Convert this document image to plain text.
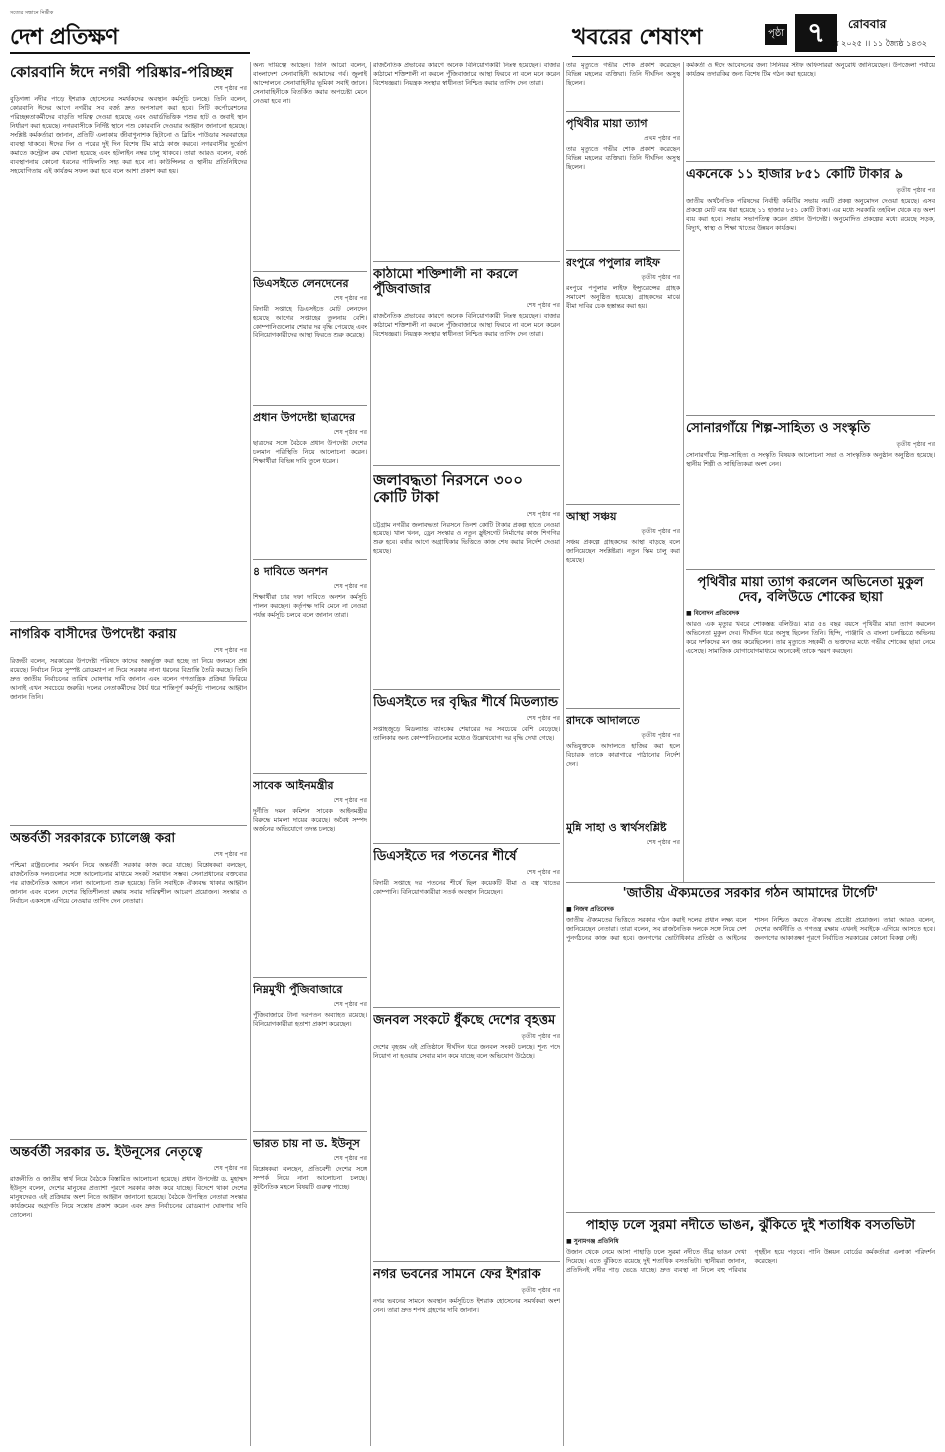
সত্যের সন্ধানে নির্ভীক
দেশ প্রতিক্ষণ	খবরের শেষাংশ	পৃষ্ঠা ৭	রোববার
২৫ মে ২০২৫ ।। ১১ জ্যৈষ্ঠ ১৪৩২
কোরবানি ঈদে নগরী পরিষ্কার-পরিচ্ছন্ন
শেষ পৃষ্ঠার পর
বুড়িগঙ্গা নদীর পাড়ে ইশরাক হোসেনের সমর্থকদের অবস্থান কর্মসূচি চলছে। তিনি বলেন, কোরবানি ঈদের আগে নগরীর সব বর্জ্য দ্রুত অপসারণ করা হবে। সিটি কর্পোরেশনের পরিচ্ছন্নতাকর্মীদের বাড়তি দায়িত্ব দেওয়া হয়েছে এবং ওয়ার্ডভিত্তিক পশুর হাট ও জবাই স্থান নির্ধারণ করা হয়েছে। নগরবাসীকে নির্দিষ্ট স্থানে পশু কোরবানি দেওয়ার আহ্বান জানানো হয়েছে। সংশ্লিষ্ট কর্মকর্তারা জানান, প্রতিটি এলাকায় জীবাণুনাশক ছিটানো ও ব্লিচিং পাউডার সরবরাহের ব্যবস্থা থাকবে। ঈদের দিন ও পরের দুই দিন বিশেষ টিম মাঠে কাজ করবে। নগরবাসীর দুর্ভোগ কমাতে কন্ট্রোল রুম খোলা হয়েছে এবং হটলাইন নম্বর চালু থাকবে। তারা আরও বলেন, বর্জ্য ব্যবস্থাপনায় কোনো ধরনের গাফিলতি সহ্য করা হবে না। কাউন্সিলর ও স্থানীয় প্রতিনিধিদের সহযোগিতায় এই কার্যক্রম সফল করা হবে বলে আশা প্রকাশ করা হয়।
নাগরিক বাসীদের উপদেষ্টা করায়
শেষ পৃষ্ঠার পর
রিজভী বলেন, সরকারের উপদেষ্টা পরিষদে কাদের অন্তর্ভুক্ত করা হচ্ছে তা নিয়ে জনমনে প্রশ্ন রয়েছে। নির্বাচন নিয়ে সুস্পষ্ট রোডম্যাপ না দিয়ে সরকার নানা ধরনের বিভ্রান্তি তৈরি করছে। তিনি দ্রুত জাতীয় নির্বাচনের তারিখ ঘোষণার দাবি জানান এবং বলেন গণতান্ত্রিক প্রক্রিয়া ফিরিয়ে আনাই এখন সবচেয়ে জরুরি। দলের নেতাকর্মীদের ধৈর্য ধরে শান্তিপূর্ণ কর্মসূচি পালনের আহ্বান জানান তিনি।
অন্তর্বর্তী সরকারকে চ্যালেঞ্জ করা
শেষ পৃষ্ঠার পর
পশ্চিমা রাষ্ট্রগুলোর সমর্থন নিয়ে অন্তর্বর্তী সরকার কাজ করে যাচ্ছে। বিশ্লেষকরা বলছেন, রাজনৈতিক দলগুলোর সঙ্গে আলোচনার মাধ্যমে সংকট সমাধান সম্ভব। সেনাপ্রধানের বক্তব্যের পর রাজনৈতিক অঙ্গনে নানা আলোচনা শুরু হয়েছে। তিনি সবাইকে ঐক্যবদ্ধ থাকার আহ্বান জানান এবং বলেন দেশের স্থিতিশীলতা রক্ষায় সবার দায়িত্বশীল আচরণ প্রয়োজন। সংস্কার ও নির্বাচন একসঙ্গে এগিয়ে নেওয়ার তাগিদ দেন নেতারা।
অন্তর্বর্তী সরকার ড. ইউনূসের নেতৃত্বে
শেষ পৃষ্ঠার পর
রাজনীতি ও জাতীয় স্বার্থ নিয়ে বৈঠকে বিস্তারিত আলোচনা হয়েছে। প্রধান উপদেষ্টা ড. মুহাম্মদ ইউনূস বলেন, দেশের মানুষের প্রত্যাশা পূরণে সরকার কাজ করে যাচ্ছে। বিদেশে থাকা দেশের মানুষদেরও এই প্রক্রিয়ায় অংশ নিতে আহ্বান জানানো হয়েছে। বৈঠকে উপস্থিত নেতারা সংস্কার কার্যক্রমের অগ্রগতি নিয়ে সন্তোষ প্রকাশ করেন এবং দ্রুত নির্বাচনের রোডম্যাপ ঘোষণার দাবি তোলেন।
অন্য দায়িত্বে আছেন। তিনি আরো বলেন, বাংলাদেশ সেনাবাহিনী আমাদের গর্ব। জুলাই আন্দোলনে সেনাবাহিনীর ভূমিকা সবাই জানে। সেনাবাহিনীকে বিতর্কিত করার অপচেষ্টা মেনে নেওয়া হবে না।
ডিএসইতে লেনদেনের
শেষ পৃষ্ঠার পর
বিদায়ী সপ্তাহে ডিএসইতে মোট লেনদেন হয়েছে আগের সপ্তাহের তুলনায় বেশি। কোম্পানিগুলোর শেয়ার দর বৃদ্ধি পেয়েছে এবং বিনিয়োগকারীদের আস্থা ফিরতে শুরু করেছে।
প্রধান উপদেষ্টা ছাত্রদের
শেষ পৃষ্ঠার পর
ছাত্রদের সঙ্গে বৈঠকে প্রধান উপদেষ্টা দেশের চলমান পরিস্থিতি নিয়ে আলোচনা করেন। শিক্ষার্থীরা বিভিন্ন দাবি তুলে ধরেন।
৪ দাবিতে অনশন
শেষ পৃষ্ঠার পর
শিক্ষার্থীরা চার দফা দাবিতে অনশন কর্মসূচি পালন করছেন। কর্তৃপক্ষ দাবি মেনে না নেওয়া পর্যন্ত কর্মসূচি চলবে বলে জানান তারা।
সাবেক আইনমন্ত্রীর
শেষ পৃষ্ঠার পর
দুর্নীতি দমন কমিশন সাবেক আইনমন্ত্রীর বিরুদ্ধে মামলা দায়ের করেছে। অবৈধ সম্পদ অর্জনের অভিযোগে তদন্ত চলছে।
নিম্নমুখী পুঁজিবাজারে
শেষ পৃষ্ঠার পর
পুঁজিবাজারে টানা দরপতন অব্যাহত রয়েছে। বিনিয়োগকারীরা হতাশা প্রকাশ করেছেন।
ভারত চায় না ড. ইউনূস
শেষ পৃষ্ঠার পর
বিশ্লেষকরা বলছেন, প্রতিবেশী দেশের সঙ্গে সম্পর্ক নিয়ে নানা আলোচনা চলছে। কূটনৈতিক মহলে বিষয়টি গুরুত্ব পাচ্ছে।
রাজনৈতিক প্রভাবের কারণে অনেক বিনিয়োগকারী নিঃস্ব হয়েছেন। বাজার কাঠামো শক্তিশালী না করলে পুঁজিবাজারে আস্থা ফিরবে না বলে মনে করেন বিশেষজ্ঞরা। নিয়ন্ত্রক সংস্থার স্বাধীনতা নিশ্চিত করার তাগিদ দেন তারা।
কাঠামো শক্তিশালী না করলে পুঁজিবাজার
শেষ পৃষ্ঠার পর
রাজনৈতিক প্রভাবের কারণে অনেক বিনিয়োগকারী নিঃস্ব হয়েছেন। বাজার কাঠামো শক্তিশালী না করলে পুঁজিবাজারে আস্থা ফিরবে না বলে মনে করেন বিশেষজ্ঞরা। নিয়ন্ত্রক সংস্থার স্বাধীনতা নিশ্চিত করার তাগিদ দেন তারা।
জলাবদ্ধতা নিরসনে ৩০০ কোটি টাকা
শেষ পৃষ্ঠার পর
চট্টগ্রাম নগরীর জলাবদ্ধতা নিরসনে তিনশ কোটি টাকার প্রকল্প হাতে নেওয়া হয়েছে। খাল খনন, ড্রেন সংস্কার ও নতুন স্লুইসগেট নির্মাণের কাজ শিগগির শুরু হবে। বর্ষার আগে অগ্রাধিকার ভিত্তিতে কাজ শেষ করার নির্দেশ দেওয়া হয়েছে।
ডিএসইতে দর বৃদ্ধির শীর্ষে মিডল্যান্ড
শেষ পৃষ্ঠার পর
সপ্তাহজুড়ে মিডল্যান্ড ব্যাংকের শেয়ারের দর সবচেয়ে বেশি বেড়েছে। তালিকার অন্য কোম্পানিগুলোর মধ্যেও উল্লেখযোগ্য দর বৃদ্ধি দেখা গেছে।
ডিএসইতে দর পতনের শীর্ষে
শেষ পৃষ্ঠার পর
বিদায়ী সপ্তাহে দর পতনের শীর্ষে ছিল কয়েকটি বীমা ও বস্ত্র খাতের কোম্পানি। বিনিয়োগকারীরা সতর্ক অবস্থান নিয়েছেন।
জনবল সংকটে ধুঁকছে দেশের বৃহত্তম
তৃতীয় পৃষ্ঠার পর
দেশের বৃহত্তম এই প্রতিষ্ঠানে দীর্ঘদিন ধরে জনবল সংকট চলছে। শূন্য পদে নিয়োগ না হওয়ায় সেবার মান কমে যাচ্ছে বলে অভিযোগ উঠেছে।
নগর ভবনের সামনে ফের ইশরাক
তৃতীয় পৃষ্ঠার পর
নগর ভবনের সামনে অবস্থান কর্মসূচিতে ইশরাক হোসেনের সমর্থকরা অংশ নেন। তারা দ্রুত শপথ গ্রহণের দাবি জানান।
তার মৃত্যুতে গভীর শোক প্রকাশ করেছেন বিভিন্ন মহলের ব্যক্তিরা। তিনি দীর্ঘদিন অসুস্থ ছিলেন।
পৃথিবীর মায়া ত্যাগ
প্রথম পৃষ্ঠার পর
তার মৃত্যুতে গভীর শোক প্রকাশ করেছেন বিভিন্ন মহলের ব্যক্তিরা। তিনি দীর্ঘদিন অসুস্থ ছিলেন।
রংপুরে পপুলার লাইফ
তৃতীয় পৃষ্ঠার পর
রংপুরে পপুলার লাইফ ইন্স্যুরেন্সের গ্রাহক সমাবেশ অনুষ্ঠিত হয়েছে। গ্রাহকদের মাঝে বীমা দাবির চেক হস্তান্তর করা হয়।
আস্থা সঞ্চয়
তৃতীয় পৃষ্ঠার পর
সঞ্চয় প্রকল্পে গ্রাহকদের আস্থা বাড়ছে বলে জানিয়েছেন সংশ্লিষ্টরা। নতুন স্কিম চালু করা হয়েছে।
রাদকে আদালতে
তৃতীয় পৃষ্ঠার পর
অভিযুক্তকে আদালতে হাজির করা হলে বিচারক তাকে কারাগারে পাঠানোর নির্দেশ দেন।
কর্মকর্তা ও ঈদে আবেদনের জন্য সিনিয়র স্টাফ অফিসাররা অনুরোধ জানিয়েছেন। উপজেলা পর্যায়ে কার্যক্রম তদারকির জন্য বিশেষ টিম গঠন করা হয়েছে।
একনেকে ১১ হাজার ৮৫১ কোটি টাকার ৯
তৃতীয় পৃষ্ঠার পর
জাতীয় অর্থনৈতিক পরিষদের নির্বাহী কমিটির সভায় নয়টি প্রকল্প অনুমোদন দেওয়া হয়েছে। এসব প্রকল্পে মোট ব্যয় ধরা হয়েছে ১১ হাজার ৮৫১ কোটি টাকা। এর মধ্যে সরকারি তহবিল থেকে বড় অংশ ব্যয় করা হবে। সভায় সভাপতিত্ব করেন প্রধান উপদেষ্টা। অনুমোদিত প্রকল্পের মধ্যে রয়েছে সড়ক, বিদ্যুৎ, স্বাস্থ্য ও শিক্ষা খাতের উন্নয়ন কার্যক্রম।
সোনারগাঁয়ে শিল্প-সাহিত্য ও সংস্কৃতি
তৃতীয় পৃষ্ঠার পর
সোনারগাঁয়ে শিল্প-সাহিত্য ও সংস্কৃতি বিষয়ক আলোচনা সভা ও সাংস্কৃতিক অনুষ্ঠান অনুষ্ঠিত হয়েছে। স্থানীয় শিল্পী ও সাহিত্যিকরা অংশ নেন।
পৃথিবীর মায়া ত্যাগ করলেন অভিনেতা মুকুল দেব, বলিউডে শোকের ছায়া
■ বিনোদন প্রতিবেদক
আরও এক মৃত্যুর খবরে শোকস্তব্ধ বলিউড। মাত্র ৫৪ বছর বয়সে পৃথিবীর মায়া ত্যাগ করলেন অভিনেতা মুকুল দেব। দীর্ঘদিন ধরে অসুস্থ ছিলেন তিনি। হিন্দি, পাঞ্জাবি ও বাংলা চলচ্চিত্রে অভিনয় করে দর্শকদের মন জয় করেছিলেন। তার মৃত্যুতে সহকর্মী ও ভক্তদের মধ্যে গভীর শোকের ছায়া নেমে এসেছে। সামাজিক যোগাযোগমাধ্যমে অনেকেই তাকে স্মরণ করছেন।
'জাতীয় ঐক্যমতের সরকার গঠন আমাদের টার্গেট'
■ নিজস্ব প্রতিবেদক
জাতীয় ঐক্যমতের ভিত্তিতে সরকার গঠন করাই দলের প্রধান লক্ষ্য বলে জানিয়েছেন নেতারা। তারা বলেন, সব রাজনৈতিক দলকে সঙ্গে নিয়ে দেশ পুনর্গঠনের কাজ করা হবে। জনগণের ভোটাধিকার প্রতিষ্ঠা ও আইনের শাসন নিশ্চিত করতে ঐক্যবদ্ধ প্রচেষ্টা প্রয়োজন। তারা আরও বলেন, দেশের অর্থনীতি ও গণতন্ত্র রক্ষায় এখনই সবাইকে এগিয়ে আসতে হবে। জনগণের আকাঙ্ক্ষা পূরণে নির্বাচিত সরকারের কোনো বিকল্প নেই।
পাহাড় ঢলে সুরমা নদীতে ভাঙন, ঝুঁকিতে দুই শতাধিক বসতভিটা
■ সুনামগঞ্জ প্রতিনিধি
উজান থেকে নেমে আসা পাহাড়ি ঢলে সুরমা নদীতে তীব্র ভাঙন দেখা দিয়েছে। এতে ঝুঁকিতে রয়েছে দুই শতাধিক বসতভিটা। স্থানীয়রা জানান, প্রতিদিনই নদীর পাড় ভেঙে যাচ্ছে। দ্রুত ব্যবস্থা না নিলে বহু পরিবার গৃহহীন হয়ে পড়বে। পানি উন্নয়ন বোর্ডের কর্মকর্তারা এলাকা পরিদর্শন করেছেন।
মুন্নি সাহা ও স্বার্থসংশ্লিষ্ট
শেষ পৃষ্ঠার পর
